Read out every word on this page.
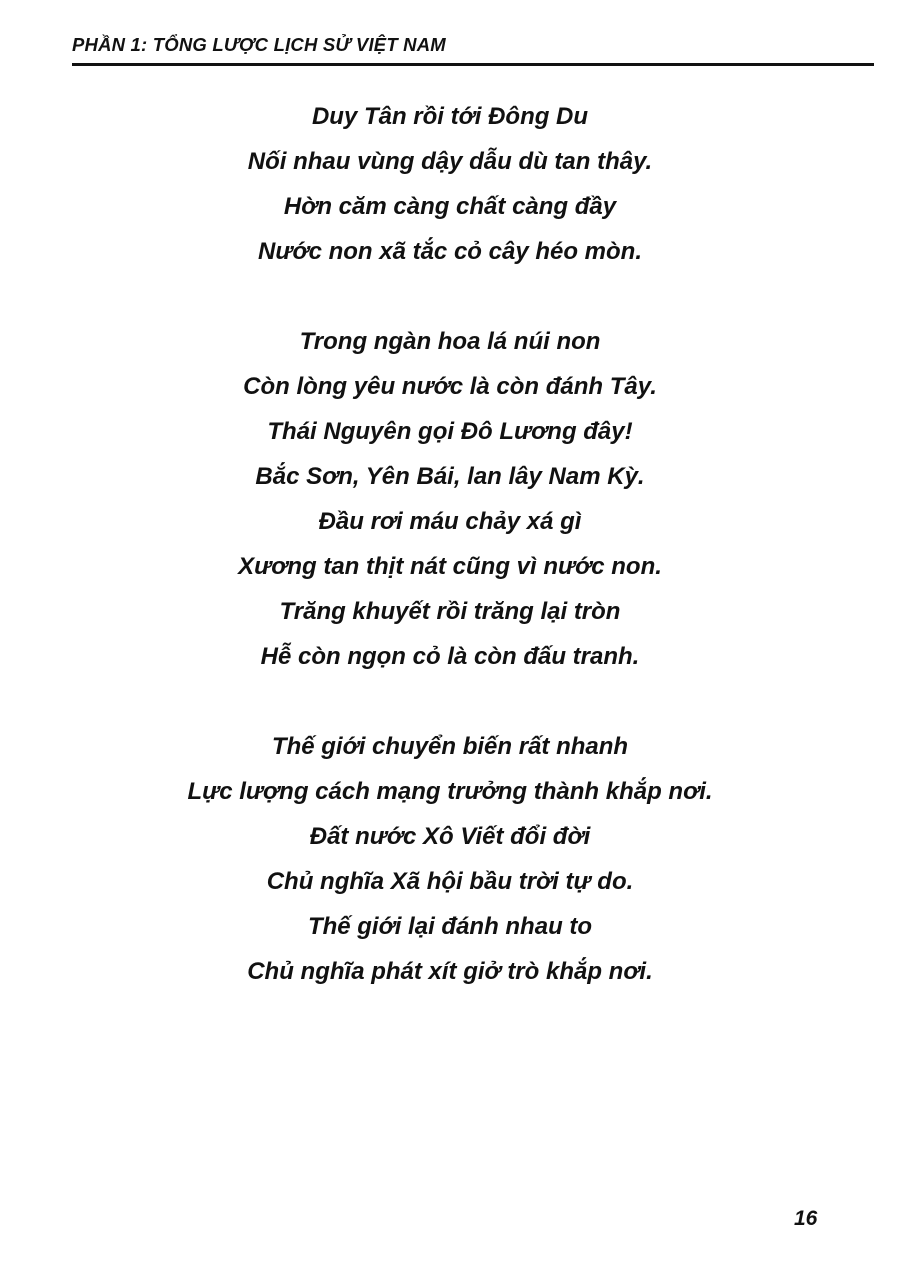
PHẦN 1: TỔNG LƯỢC LỊCH SỬ VIỆT NAM
Duy Tân rồi tới Đông Du
Nối nhau vùng dậy dẫu dù tan thây.
Hờn căm càng chất càng đầy
Nước non xã tắc cỏ cây héo mòn.
Trong ngàn hoa lá núi non
Còn lòng yêu nước là còn đánh Tây.
Thái Nguyên gọi Đô Lương đây!
Bắc Sơn, Yên Bái, lan lây Nam Kỳ.
Đầu rơi máu chảy xá gì
Xương tan thịt nát cũng vì nước non.
Trăng khuyết rồi trăng lại tròn
Hễ còn ngọn cỏ là còn đấu tranh.
Thế giới chuyển biến rất nhanh
Lực lượng cách mạng trưởng thành khắp nơi.
Đất nước Xô Viết đổi đời
Chủ nghĩa Xã hội bầu trời tự do.
Thế giới lại đánh nhau to
Chủ nghĩa phát xít giở trò khắp nơi.
16
